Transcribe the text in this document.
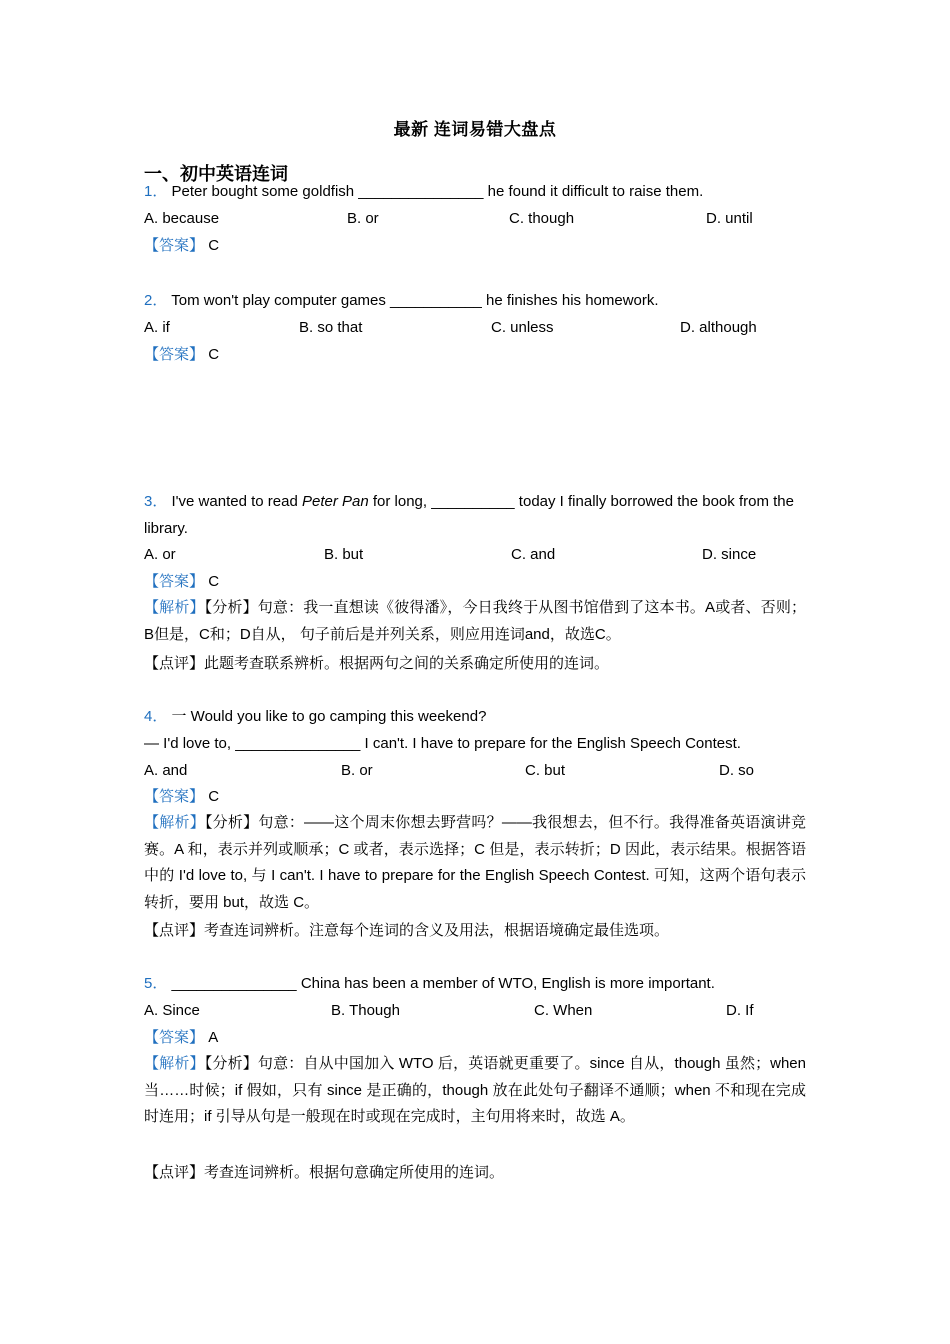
最新 连词易错大盘点
一、初中英语连词
1． Peter bought some goldfish _______________ he found it difficult to raise them.
A. because	B. or	C. though	D. until
【答案】 C
2． Tom won't play computer games ___________ he finishes his homework.
A. if	B. so that	C. unless	D. although
【答案】 C
3． I've wanted to read Peter Pan for long, __________ today I finally borrowed the book from the
library.
A. or	B. but	C. and	D. since
【答案】 C
【解析】【分析】句意：我一直想读《彼得潘》，今日我终于从图书馆借到了这本书。A或者、否则；B但是，C和；D自从， 句子前后是并列关系，则应用连词and，故选C。
【点评】此题考查联系辨析。根据两句之间的关系确定所使用的连词。
4． 一 Would you like to go camping this weekend?
— I'd love to, _______________ I can't. I have to prepare for the English Speech Contest.
A. and	B. or	C. but	D. so
【答案】 C
【解析】【分析】句意：——这个周末你想去野营吗？——我很想去，但不行。我得准备英语演讲竞赛。A 和，表示并列或顺承；C 或者，表示选择；C 但是，表示转折；D 因此，表示结果。根据答语中的 I'd love to, 与 I can't. I have to prepare for the English Speech Contest. 可知，这两个语句表示转折，要用 but，故选 C。
【点评】考查连词辨析。注意每个连词的含义及用法，根据语境确定最佳选项。
5． _______________ China has been a member of WTO, English is more important.
A. Since	B. Though	C. When	D. If
【答案】 A
【解析】【分析】句意：自从中国加入 WTO 后，英语就更重要了。since 自从，though 虽然；when 当……时候；if 假如，只有 since 是正确的，though 放在此处句子翻译不通顺；when 不和现在完成时连用；if 引导从句是一般现在时或现在完成时，主句用将来时，故选 A。
【点评】考查连词辨析。根据句意确定所使用的连词。
